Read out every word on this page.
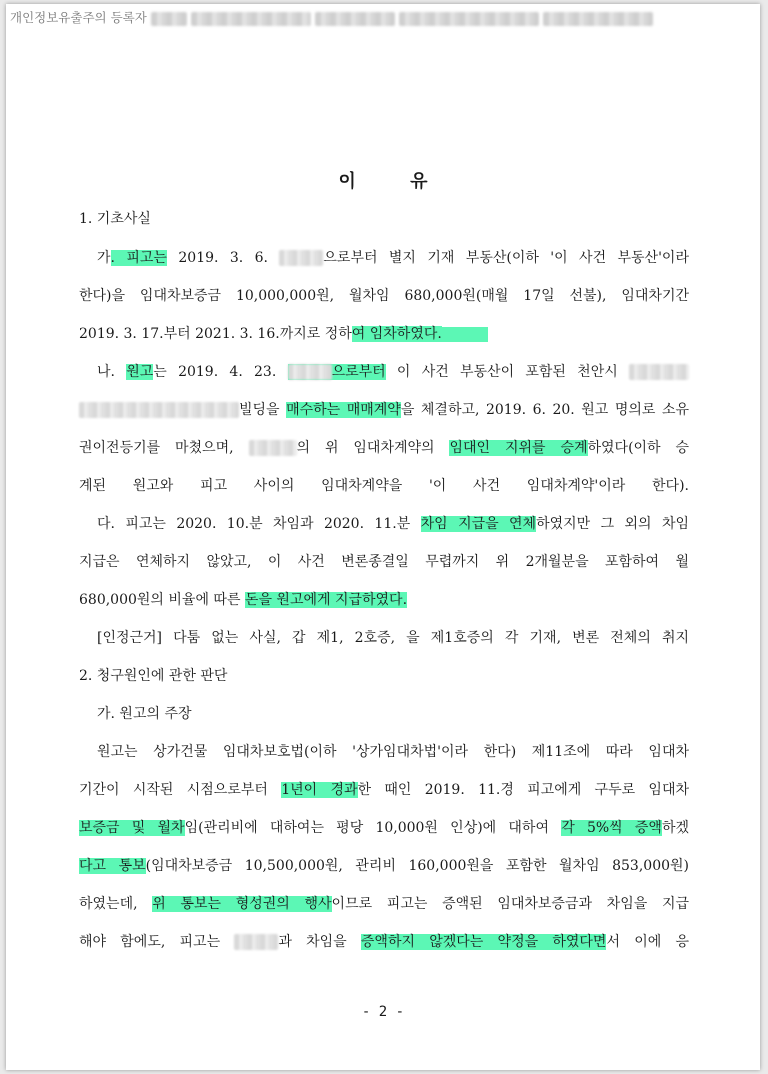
개인정보유출주의 등록자
이	유
1. 기초사실
가. 피고는 2019. 3. 6.	으로부터 별지 기재 부동산(이하 '이 사건 부동산'이라
한다)을 임대차보증금 10,000,000원, 월차임 680,000원(매월 17일 선불), 임대차기간
2019. 3. 17.부터 2021. 3. 16.까지로 정하여 임차하였다.
나. 원고는 2019. 4. 23.	으로부터 이 사건 부동산이 포함된 천안시
빌딩을 매수하는 매매계약을 체결하고, 2019. 6. 20. 원고 명의로 소유
권이전등기를 마쳤으며,	의 위 임대차계약의 임대인 지위를 승계하였다(이하 승
계된 원고와 피고 사이의 임대차계약을 '이 사건 임대차계약'이라 한다).
다. 피고는 2020. 10.분 차임과 2020. 11.분 차임 지급을 연체하였지만 그 외의 차임
지급은 연체하지 않았고, 이 사건 변론종결일 무렵까지 위 2개월분을 포함하여 월
680,000원의 비율에 따른 돈을 원고에게 지급하였다.
[인정근거] 다툼 없는 사실, 갑 제1, 2호증, 을 제1호증의 각 기재, 변론 전체의 취지
2. 청구원인에 관한 판단
가. 원고의 주장
원고는 상가건물 임대차보호법(이하 '상가임대차법'이라 한다) 제11조에 따라 임대차
기간이 시작된 시점으로부터 1년이 경과한 때인 2019. 11.경 피고에게 구두로 임대차
보증금 및 월차임(관리비에 대하여는 평당 10,000원 인상)에 대하여 각 5%씩 증액하겠
다고 통보(임대차보증금 10,500,000원, 관리비 160,000원을 포함한 월차임 853,000원)
하였는데, 위 통보는 형성권의 행사이므로 피고는 증액된 임대차보증금과 차임을 지급
해야 함에도, 피고는	과 차임을 증액하지 않겠다는 약정을 하였다면서 이에 응
- 2 -
